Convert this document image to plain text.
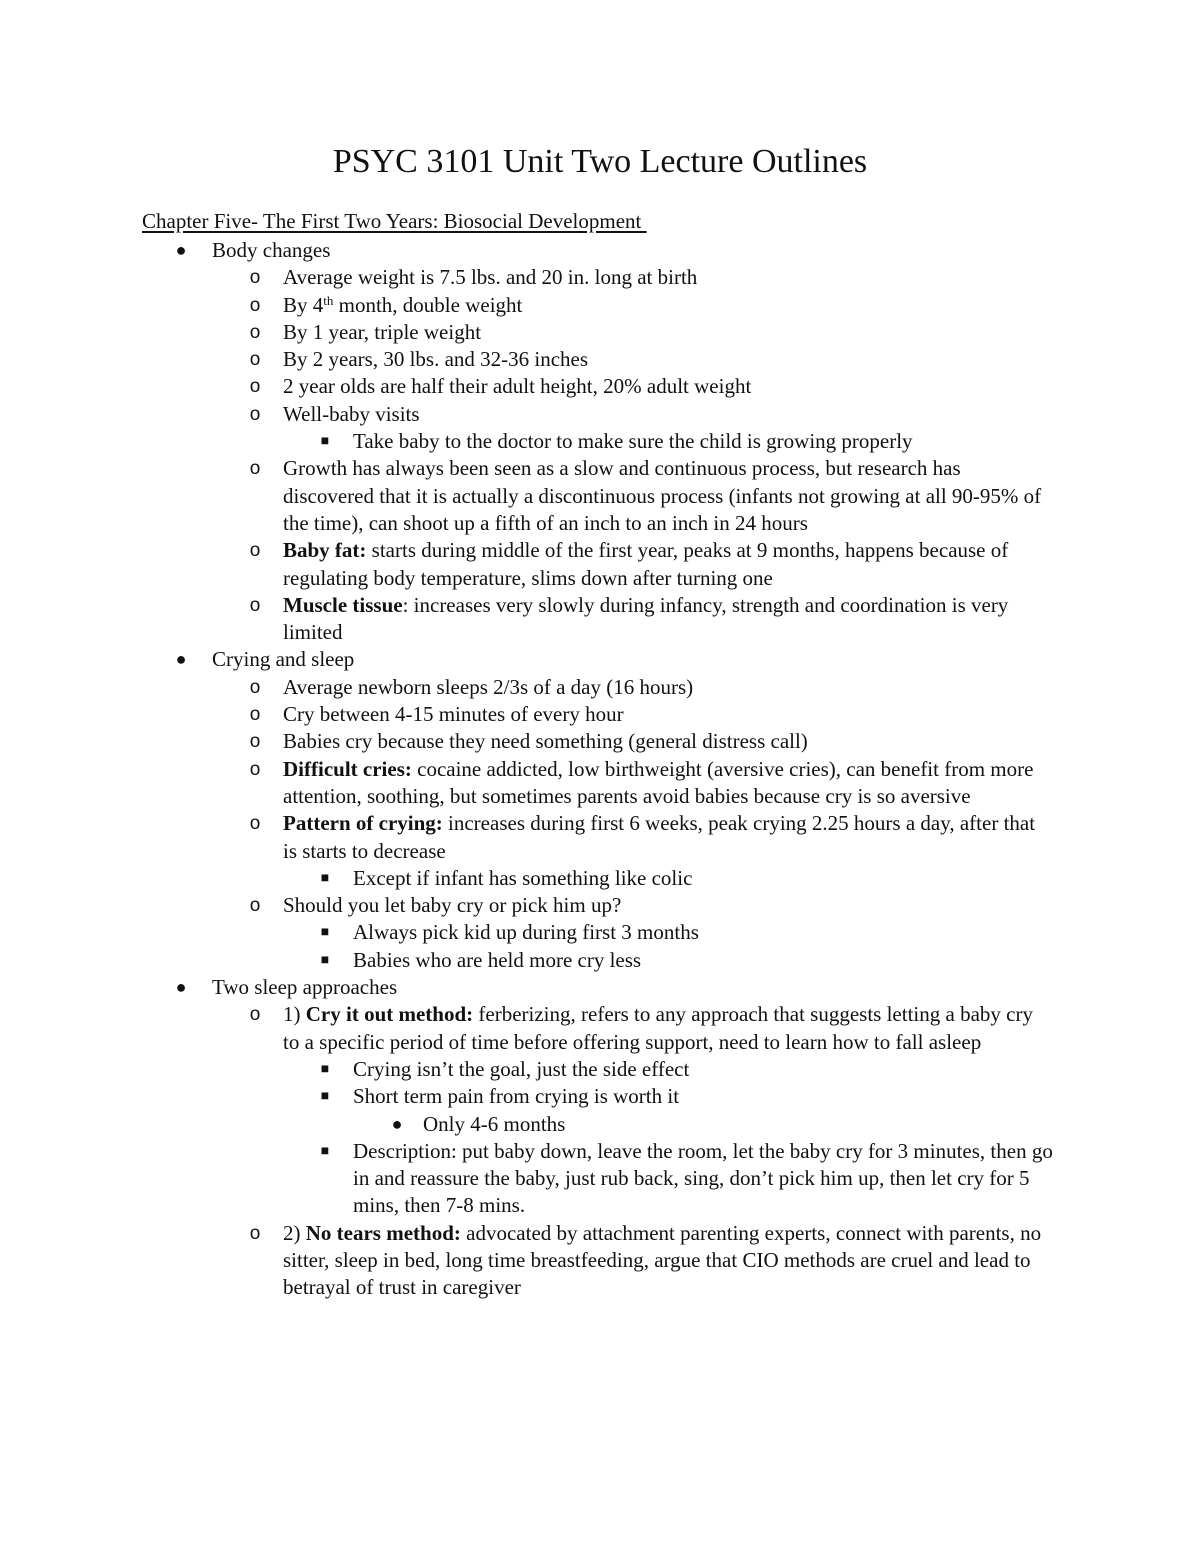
PSYC 3101 Unit Two Lecture Outlines
Chapter Five- The First Two Years: Biosocial Development
● Body changes
o Average weight is 7.5 lbs. and 20 in. long at birth
o By 4th month, double weight
o By 1 year, triple weight
o By 2 years, 30 lbs. and 32-36 inches
o 2 year olds are half their adult height, 20% adult weight
o Well-baby visits
■	Take baby to the doctor to make sure the child is growing properly
o Growth has always been seen as a slow and continuous process, but research has discovered that it is actually a discontinuous process (infants not growing at all 90-95% of the time), can shoot up a fifth of an inch to an inch in 24 hours
o Baby fat: starts during middle of the first year, peaks at 9 months, happens because of regulating body temperature, slims down after turning one
o Muscle tissue: increases very slowly during infancy, strength and coordination is very limited
● Crying and sleep
o Average newborn sleeps 2/3s of a day (16 hours)
o Cry between 4-15 minutes of every hour
o Babies cry because they need something (general distress call)
o Difficult cries: cocaine addicted, low birthweight (aversive cries), can benefit from more attention, soothing, but sometimes parents avoid babies because cry is so aversive
o Pattern of crying: increases during first 6 weeks, peak crying 2.25 hours a day, after that is starts to decrease
■	Except if infant has something like colic
o Should you let baby cry or pick him up?
■	Always pick kid up during first 3 months
■	Babies who are held more cry less
● Two sleep approaches
o 1) Cry it out method: ferberizing, refers to any approach that suggests letting a baby cry to a specific period of time before offering support, need to learn how to fall asleep
■	Crying isn’t the goal, just the side effect
■	Short term pain from crying is worth it
● Only 4-6 months
■	Description: put baby down, leave the room, let the baby cry for 3 minutes, then go in and reassure the baby, just rub back, sing, don’t pick him up, then let cry for 5 mins, then 7-8 mins.
o 2) No tears method: advocated by attachment parenting experts, connect with parents, no sitter, sleep in bed, long time breastfeeding, argue that CIO methods are cruel and lead to betrayal of trust in caregiver
